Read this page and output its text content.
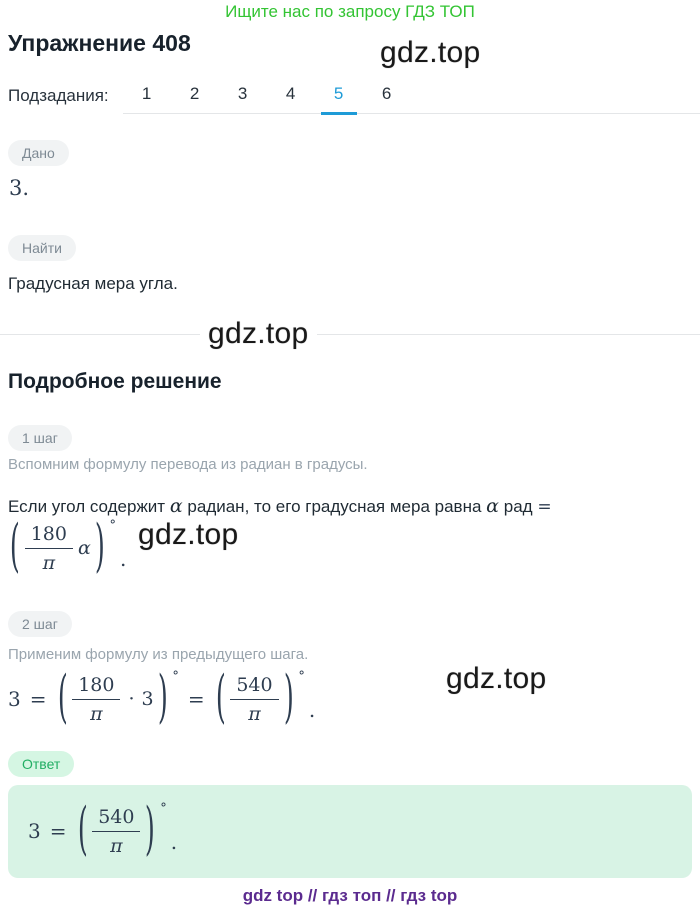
Ищите нас по запросу ГДЗ ТОП
Упражнение 408	gdz.top
Подзадания:	1	2	3	4	5	6
Дано
3.
Найти
Градусная мера угла.
gdz.top
Подробное решение
1 шаг
Вспомним формулу перевода из радиан в градусы.
Если угол содержит α радиан, то его градусная мера равна α рад =
( $\frac{180}{\pi}$ α ) °
.
gdz.top
2 шаг
Применим формулу из предыдущего шага.
3 = ( $\frac{180}{\pi} \cdot 3$ ) °
= ( $\frac{540}{\pi}$ ) °
.
gdz.top
Ответ
3 = ( $\frac{540}{\pi}$ ) °
.
gdz top // гдз топ // гдз top
